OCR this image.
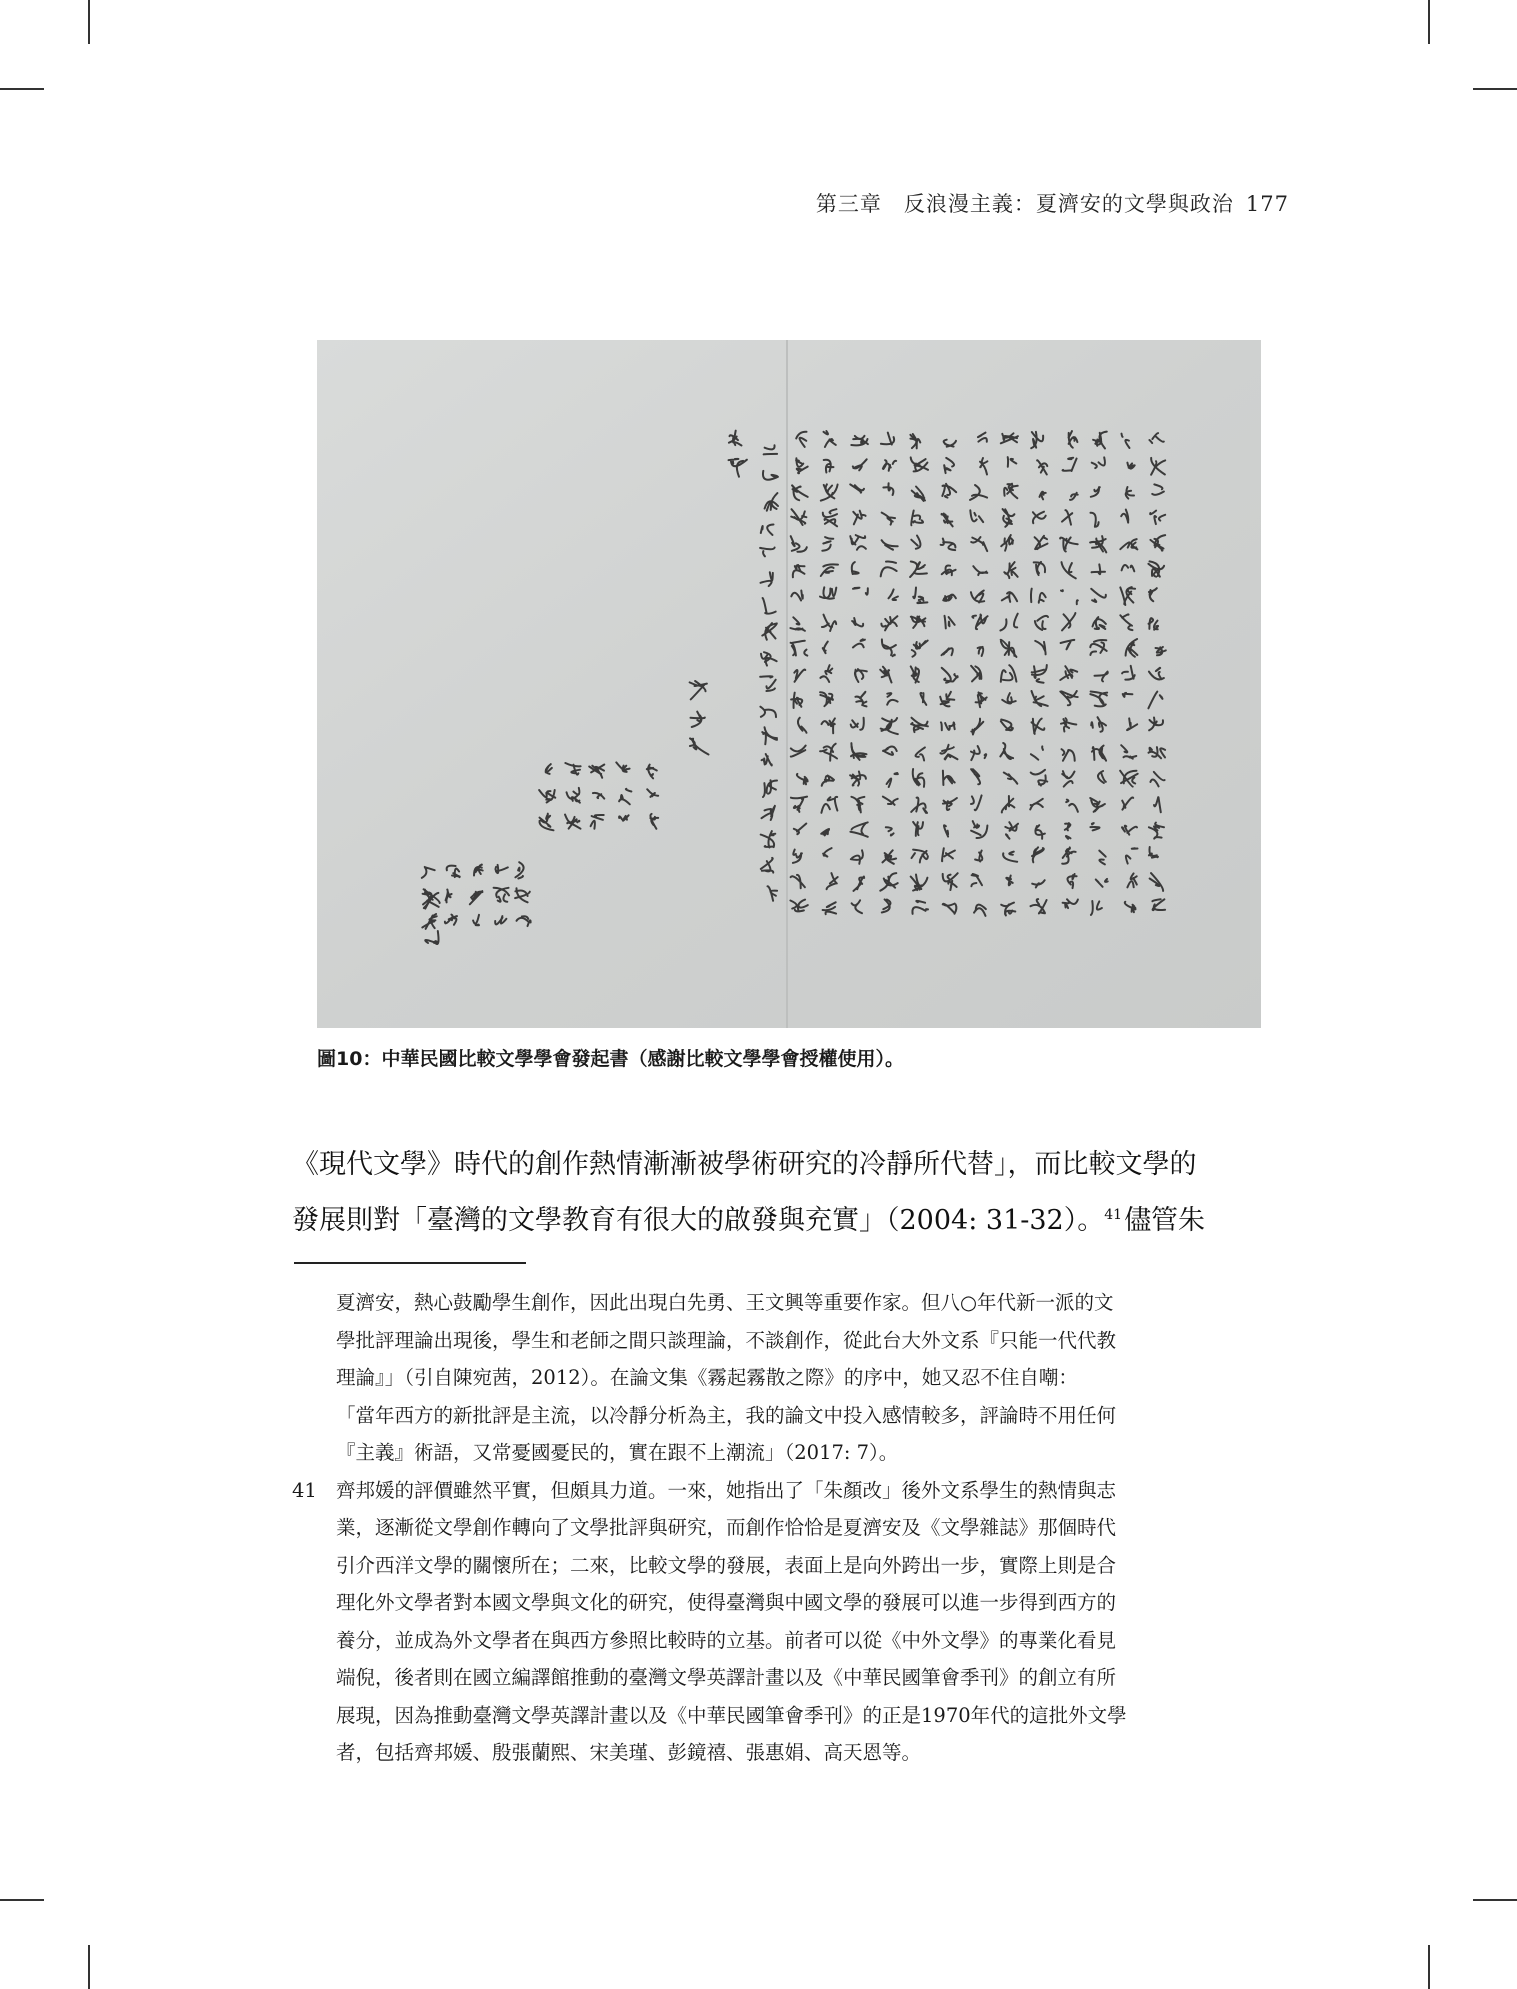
第三章　反浪漫主義：夏濟安的文學與政治 177
圖10：中華民國比較文學學會發起書（感謝比較文學學會授權使用）。
《現代文學》時代的創作熱情漸漸被學術研究的冷靜所代替」，而比較文學的
發展則對「臺灣的文學教育有很大的啟發與充實」（2004: 31-32）。$^{41}$儘管朱
夏濟安，熱心鼓勵學生創作，因此出現白先勇、王文興等重要作家。但八○年代新一派的文
學批評理論出現後，學生和老師之間只談理論，不談創作，從此台大外文系『只能一代代教
理論』」（引自陳宛茜，2012）。在論文集《霧起霧散之際》的序中，她又忍不住自嘲：
「當年西方的新批評是主流，以冷靜分析為主，我的論文中投入感情較多，評論時不用任何
『主義』術語，又常憂國憂民的，實在跟不上潮流」（2017: 7）。
41 齊邦媛的評價雖然平實，但頗具力道。一來，她指出了「朱顏改」後外文系學生的熱情與志
業，逐漸從文學創作轉向了文學批評與研究，而創作恰恰是夏濟安及《文學雜誌》那個時代
引介西洋文學的關懷所在；二來，比較文學的發展，表面上是向外跨出一步，實際上則是合
理化外文學者對本國文學與文化的研究，使得臺灣與中國文學的發展可以進一步得到西方的
養分，並成為外文學者在與西方參照比較時的立基。前者可以從《中外文學》的專業化看見
端倪，後者則在國立編譯館推動的臺灣文學英譯計畫以及《中華民國筆會季刊》的創立有所
展現，因為推動臺灣文學英譯計畫以及《中華民國筆會季刊》的正是1970年代的這批外文學
者，包括齊邦媛、殷張蘭熙、宋美瑾、彭鏡禧、張惠娟、高天恩等。
